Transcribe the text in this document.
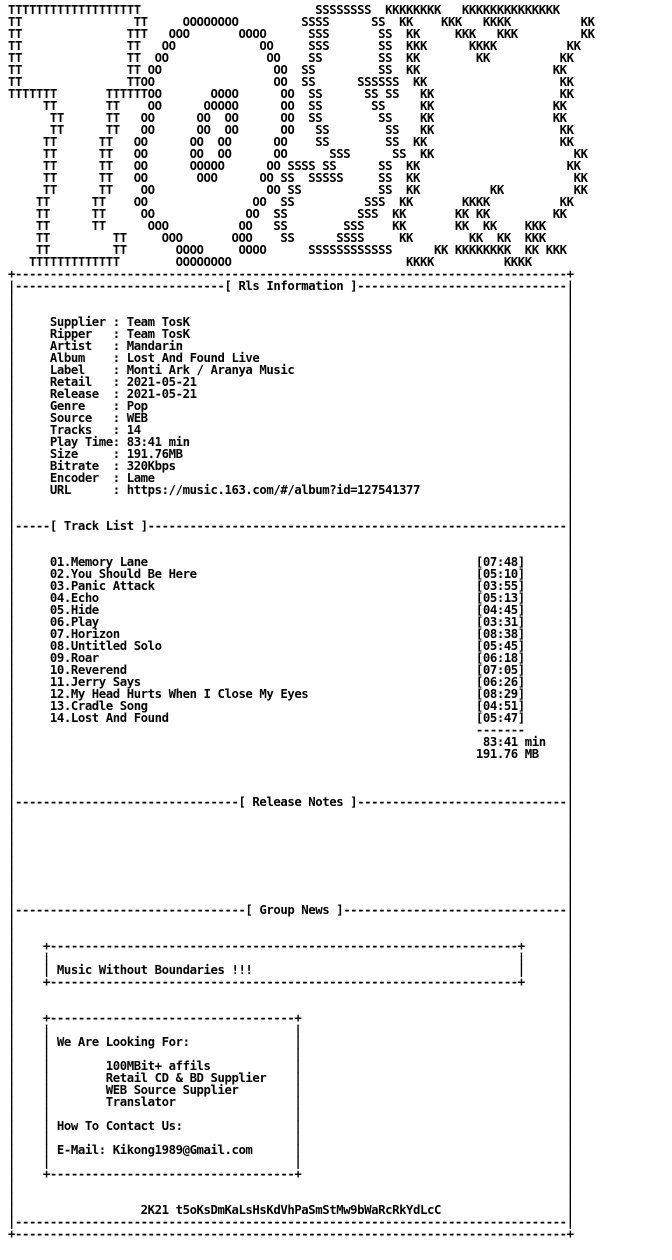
TTTTTTTTTTTTTTTTTTT                         SSSSSSSS  KKKKKKKK   KKKKKKKKKKKKKK
TT                TT     OOOOOOOO         SSSS      SS  KK    KKK   KKKK          KK
TT               TTT   OOO       OOOO      SSS       SS  KK     KKK   KKK         KK
TT               TT   OO            OO     SSS       SS  KKK      KKKK          KK
TT               TT  OO              OO    SS        SS  KK        KK          KK
TT               TT OO                OO  SS         SS  KK                   KK
TT               TTOO                 OO  SS      SSSSSS  KK                   KK
TTTTTTT       TTTTTTOO       OOOO      OO  SS      SS SS   KK                  KK
TT       TT    OO      OOOOO      OO  SS       SS     KK                 KK
TT      TT   OO      OO  OO      OO  SS        SS    KK                 KK
TT      TT   OO      OO  OO      OO   SS        SS   KK                  KK
TT      TT   OO      OO  OO      OO    SS        SS  KK                   KK
TT      TT   OO      OO  OO      OO      SSS      SS  KK                    KK
TT      TT   OO      OOOOO      OO SSSS SS      SS  KK                     KK
TT      TT   OO       OOO      OO SS  SSSSS     SS  KK                      KK
TT      TT    OO                OO SS           SS  KK          KK          KK
TT      TT    OO               OO  SS          SSS  KK       KKKK          KK
TT      TT     OO             OO  SS          SSS  KK       KK KK         KK
TT      TT      OOO          OO   SS        SSS    KK       KK  KK    KKK
TT         TT     OOO       OOO    SS      SSSS     KK        KK  KK  KKK
TT         TT       OOOO     OOOO      SSSSSSSSSSSS      KK KKKKKKKK  KK KKK
TTTTTTTTTTTTT        OOOOOOOO                         KKKK          KKKK
+-------------------------------------------------------------------------------+
|------------------------------[ Rls Information ]------------------------------|
|                                                                               |
|                                                                               |
|     Supplier : Team TosK                                                      |
|     Ripper   : Team TosK                                                      |
|     Artist   : Mandarin                                                       |
|     Album    : Lost And Found Live                                            |
|     Label    : Monti Ark / Aranya Music                                       |
|     Retail   : 2021-05-21                                                     |
|     Release  : 2021-05-21                                                     |
|     Genre    : Pop                                                            |
|     Source   : WEB                                                            |
|     Tracks   : 14                                                             |
|     Play Time: 83:41 min                                                      |
|     Size     : 191.76MB                                                       |
|     Bitrate  : 320Kbps                                                        |
|     Encoder  : Lame                                                           |
|     URL      : https://music.163.com/#/album?id=127541377                     |
|                                                                               |
|                                                                               |
|-----[ Track List ]------------------------------------------------------------|
|                                                                               |
|                                                                               |
|     01.Memory Lane                                               [07:48]      |
|     02.You Should Be Here                                        [05:10]      |
|     03.Panic Attack                                              [03:55]      |
|     04.Echo                                                      [05:13]      |
|     05.Hide                                                      [04:45]      |
|     06.Play                                                      [03:31]      |
|     07.Horizon                                                   [08:38]      |
|     08.Untitled Solo                                             [05:45]      |
|     09.Roar                                                      [06:18]      |
|     10.Reverend                                                  [07:05]      |
|     11.Jerry Says                                                [06:26]      |
|     12.My Head Hurts When I Close My Eyes                        [08:29]      |
|     13.Cradle Song                                               [04:51]      |
|     14.Lost And Found                                            [05:47]      |
|                                                                  -------      |
|                                                                   83:41 min   |
|                                                                  191.76 MB    |
|                                                                               |
|                                                                               |
|                                                                               |
|--------------------------------[ Release Notes ]------------------------------|
|                                                                               |
|                                                                               |
|                                                                               |
|                                                                               |
|                                                                               |
|                                                                               |
|                                                                               |
|                                                                               |
|---------------------------------[ Group News ]--------------------------------|
|                                                                               |
|                                                                               |
|    +-------------------------------------------------------------------+      |
|    |                                                                   |      |
|    | Music Without Boundaries !!!                                      |      |
|    +-------------------------------------------------------------------+      |
|                                                                               |
|                                                                               |
|    +-----------------------------------+                                      |
|    |                                   |                                      |
|    | We Are Looking For:               |                                      |
|    |                                   |                                      |
|    |        100MBit+ affils            |                                      |
|    |        Retail CD & BD Supplier    |                                      |
|    |        WEB Source Supplier        |                                      |
|    |        Translator                 |                                      |
|    |                                   |                                      |
|    | How To Contact Us:                |                                      |
|    |                                   |                                      |
|    | E-Mail: Kikong1989@Gmail.com      |                                      |
|    |                                   |                                      |
|    +-----------------------------------+                                      |
|                                                                               |
|                                                                               |
|                  2K21 t5oKsDmKaLsHsKdVhPaSmStMw9bWaRcRkYdLcC                  |
|-------------------------------------------------------------------------------|
+-------------------------------------------------------------------------------+
